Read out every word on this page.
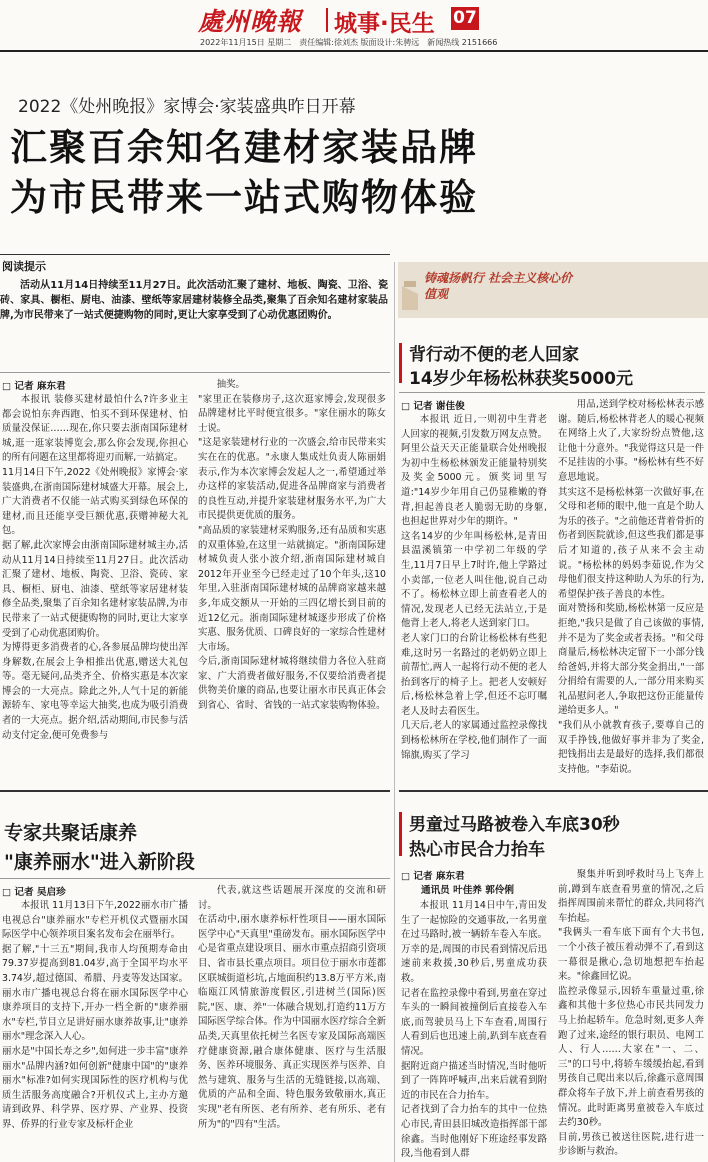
處州晚報 城事·民生 07
2022年11月15日 星期二　责任编辑:徐刘杰 版面设计:朱骋远　新闻热线 2151666
2022《处州晚报》家博会·家装盛典昨日开幕
汇聚百余知名建材家装品牌
为市民带来一站式购物体验
阅读提示

活动从11月14日持续至11月27日。此次活动汇聚了建材、地板、陶瓷、卫浴、瓷砖、家具、橱柜、厨电、油漆、壁纸等家居建材装修全品类,聚集了百余知名建材家装品牌,为市民带来了一站式便捷购物的同时,更让大家享受到了心动优惠团购价。

铸魂扬帆行 社会主义核心价值观
背行动不便的老人回家
14岁少年杨松林获奖5000元
□ 记者 谢佳俊

本报讯 近日,一则初中生背老人回家的视频,引发数万网友点赞。阿里公益天天正能量联合处州晚报为初中生杨松林颁发正能量特别奖及奖金5000元。颁奖词里写道:"14岁少年用自己仍显稚嫩的脊背,担起善良老人脆弱无助的身躯,也担起世界对少年的期许。"
这名14岁的少年叫杨松林,是青田县温溪镇第一中学初二年级的学生,11月7日早上7时许,他上学路过小卖部,一位老人叫住他,说自己动不了。杨松林立即上前查看老人的情况,发现老人已经无法站立,于是他背上老人,将老人送到家门口。
老人家门口的台阶让杨松林有些犯难,这时另一名路过的老奶奶立即上前帮忙,两人一起将行动不便的老人抬到客厅的椅子上。把老人安顿好后,杨松林急着上学,但还不忘叮嘱老人及时去看医生。
几天后,老人的家属通过监控录像找到杨松林所在学校,他们制作了一面锦旗,购买了学习

用品,送到学校对杨松林表示感谢。随后,杨松林背老人的暖心视频在网络上火了,大家纷纷点赞他,这让他十分意外。"我觉得这只是一件不足挂齿的小事。"杨松林有些不好意思地说。
其实这不是杨松林第一次做好事,在父母和老师的眼中,他一直是个助人为乐的孩子。"之前他还背着骨折的伤者到医院就诊,但这些我们都是事后才知道的,孩子从来不会主动说。"杨松林的妈妈李茹说,作为父母他们很支持这种助人为乐的行为,希望保护孩子善良的本性。
面对赞扬和奖励,杨松林第一反应是拒绝,"我只是做了自己该做的事情,并不是为了奖金或者表扬。"和父母商量后,杨松林决定留下一小部分钱给爸妈,并将大部分奖金捐出,"一部分捐给有需要的人,一部分用来购买礼品慰问老人,争取把这份正能量传递给更多人。"
"我们从小就教育孩子,要尊自己的双手挣钱,他做好事并非为了奖金,把钱捐出去是最好的选择,我们都很支持他。"李茹说。

□ 记者 麻东君

本报讯 装修买建材最怕什么?许多业主都会说怕东奔西跑、怕买不到环保建材、怕质量没保证……现在,你只要去浙南国际建材城,逛一逛家装博览会,那么你会发现,你担心的所有问题在这里都将迎刃而解,一站搞定。
11月14日下午,2022《处州晚报》家博会·家装盛典,在浙南国际建材城盛大开幕。展会上,广大消费者不仅能一站式购买到绿色环保的建材,而且还能享受巨额优惠,获赠神秘大礼包。
据了解,此次家博会由浙南国际建材城主办,活动从11月14日持续至11月27日。此次活动汇聚了建材、地板、陶瓷、卫浴、瓷砖、家具、橱柜、厨电、油漆、壁纸等家居建材装修全品类,聚集了百余知名建材家装品牌,为市民带来了一站式便捷购物的同时,更让大家享受到了心动优惠团购价。
为博得更多消费者的心,各参展品牌均使出浑身解数,在展会上争相推出优惠,赠送大礼包等。毫无疑问,品类齐全、价格实惠是本次家博会的一大亮点。除此之外,人气十足的新能源轿车、家电等幸运大抽奖,也成为吸引消费者的一大亮点。据介绍,活动期间,市民参与活动支付定金,便可免费参与

抽奖。
"家里正在装修房子,这次逛家博会,发现很多品牌建材比平时便宜很多。"家住丽水的陈女士说。
"这是家装建材行业的一次盛会,给市民带来实实在在的优惠。"永康人集成灶负责人陈丽娟表示,作为本次家博会发起人之一,希望通过举办这样的家装活动,促进各品牌商家与消费者的良性互动,并提升家装建材服务水平,为广大市民提供更优质的服务。
"高品质的家装建材采购服务,还有品质和实惠的双重体验,在这里一站就搞定。"浙南国际建材城负责人张小波介绍,浙南国际建材城自2012年开业至今已经走过了10个年头,这10年里,入驻浙南国际建材城的品牌商家越来越多,年成交额从一开始的三四亿增长到目前的近12亿元。浙南国际建材城逐步形成了价格实惠、服务优质、口碑良好的一家综合性建材大市场。
今后,浙南国际建材城将继续借力各位入驻商家、广大消费者做好服务,不仅要给消费者提供物美价廉的商品,也要让丽水市民真正体会到省心、省时、省钱的一站式家装购物体验。

专家共聚话康养
"康养丽水"进入新阶段
□ 记者 吴启珍

本报讯 11月13日下午,2022丽水市广播电视总台"康养丽水"专栏开机仪式暨丽水国际医学中心领养项目案名发布会在丽举行。
据了解,"十三五"期间,我市人均预期寿命由79.37岁提高到81.04岁,高于全国平均水平3.74岁,超过德国、希腊、丹麦等发达国家。丽水市广播电视总台将在丽水国际医学中心康养项目的支持下,开办一档全新的"康养丽水"专栏,节目立足讲好丽水康养故事,让"康养丽水"理念深入人心。
丽水是"中国长寿之乡",如何进一步丰富"康养丽水"品牌内涵?如何创新"健康中国"的"康养丽水"标准?如何实现国际性的医疗机构与优质生活服务高度融合?开机仪式上,主办方邀请到政界、科学界、医疗界、产业界、投资界、侨界的行业专家及标杆企业

代表,就这些话题展开深度的交流和研讨。
在活动中,丽水康养标杆性项目——丽水国际医学中心"天真里"重磅发布。丽水国际医学中心是省重点建设项目、丽水市重点招商引资项目、省市县长重点项目。项目位于丽水市莲都区联城街道杉坑,占地面积约13.8万平方米,南临瓯江风情旅游度假区,引进树兰(国际)医院,"医、康、养"一体融合规划,打造约11万方国际医学综合体。作为中国丽水医疗综合全新品类,天真里依托树兰名医专家及国际高端医疗健康资源,融合康体健康、医疗与生活服务、医养环境服务、真正实现医养与医养、自然与建筑、服务与生活的无缝链接,以高端、优质的产品和全面、特色服务致敬丽水,真正实现"老有所医、老有所养、老有所乐、老有所为"的"四有"生活。

男童过马路被卷入车底30秒
热心市民合力抬车
□ 记者 麻东君
通讯员 叶佳养 郭伶俐

本报讯 11月14日中午,青田发生了一起惊险的交通事故,一名男童在过马路时,被一辆轿车卷入车底。万幸的是,周围的市民看到情况后迅速前来救援,30秒后,男童成功获救。
记者在监控录像中看到,男童在穿过车头的一瞬间被撞倒后直接卷入车底,而驾驶员马上下车查看,周围行人看到后也迅速上前,趴到车底查看情况。
据附近商户描述当时情况,当时他听到了一阵阵呼喊声,出来后就看到附近的市民在合力抬车。
记者找到了合力抬车的其中一位热心市民,青田县旧城改造指挥部干部徐鑫。当时他刚好下班途经事发路段,当他看到人群

聚集并听到呼救时马上飞奔上前,蹲到车底查看男童的情况,之后指挥周围前来帮忙的群众,共同将汽车抬起。
"我俩头一看车底下面有个大书包,一个小孩子被压着动弹不了,看到这一幕很是揪心,急切地想把车抬起来。"徐鑫回忆说。
监控录像显示,因轿车重量过重,徐鑫和其他十多位热心市民共同发力马上抬起轿车。危急时刻,更多人奔跑了过来,途经的银行职员、电网工人、行人……大家在"一、二、三"的口号中,将轿车缓缓抬起,看到男孩自己爬出来以后,徐鑫示意周围群众将车子放下,并上前查看男孩的情况。此时距离男童被卷入车底过去约30秒。
目前,男孩已被送往医院,进行进一步诊断与救治。
